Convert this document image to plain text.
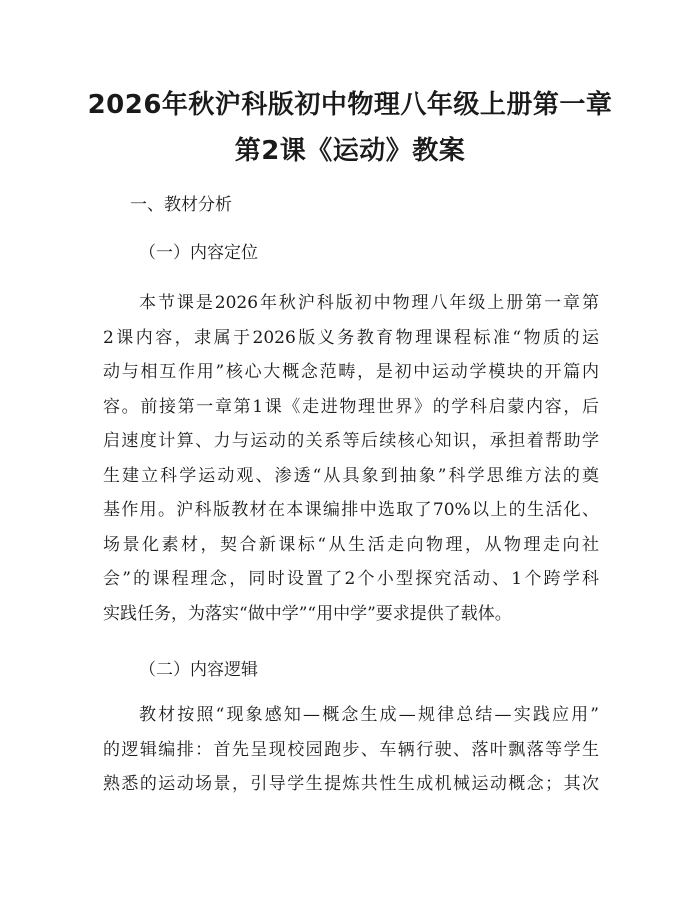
2026年秋沪科版初中物理八年级上册第一章
第2课《运动》教案
一、教材分析
（一）内容定位
本节课是2026年秋沪科版初中物理八年级上册第一章第
2课内容，隶属于2026版义务教育物理课程标准“物质的运
动与相互作用”核心大概念范畴，是初中运动学模块的开篇内
容。前接第一章第1课《走进物理世界》的学科启蒙内容，后
启速度计算、力与运动的关系等后续核心知识，承担着帮助学
生建立科学运动观、渗透“从具象到抽象”科学思维方法的奠
基作用。沪科版教材在本课编排中选取了70%以上的生活化、
场景化素材，契合新课标“从生活走向物理，从物理走向社
会”的课程理念，同时设置了2个小型探究活动、1个跨学科
实践任务，为落实“做中学”“用中学”要求提供了载体。
（二）内容逻辑
教材按照“现象感知—概念生成—规律总结—实践应用”
的逻辑编排：首先呈现校园跑步、车辆行驶、落叶飘落等学生
熟悉的运动场景，引导学生提炼共性生成机械运动概念；其次
